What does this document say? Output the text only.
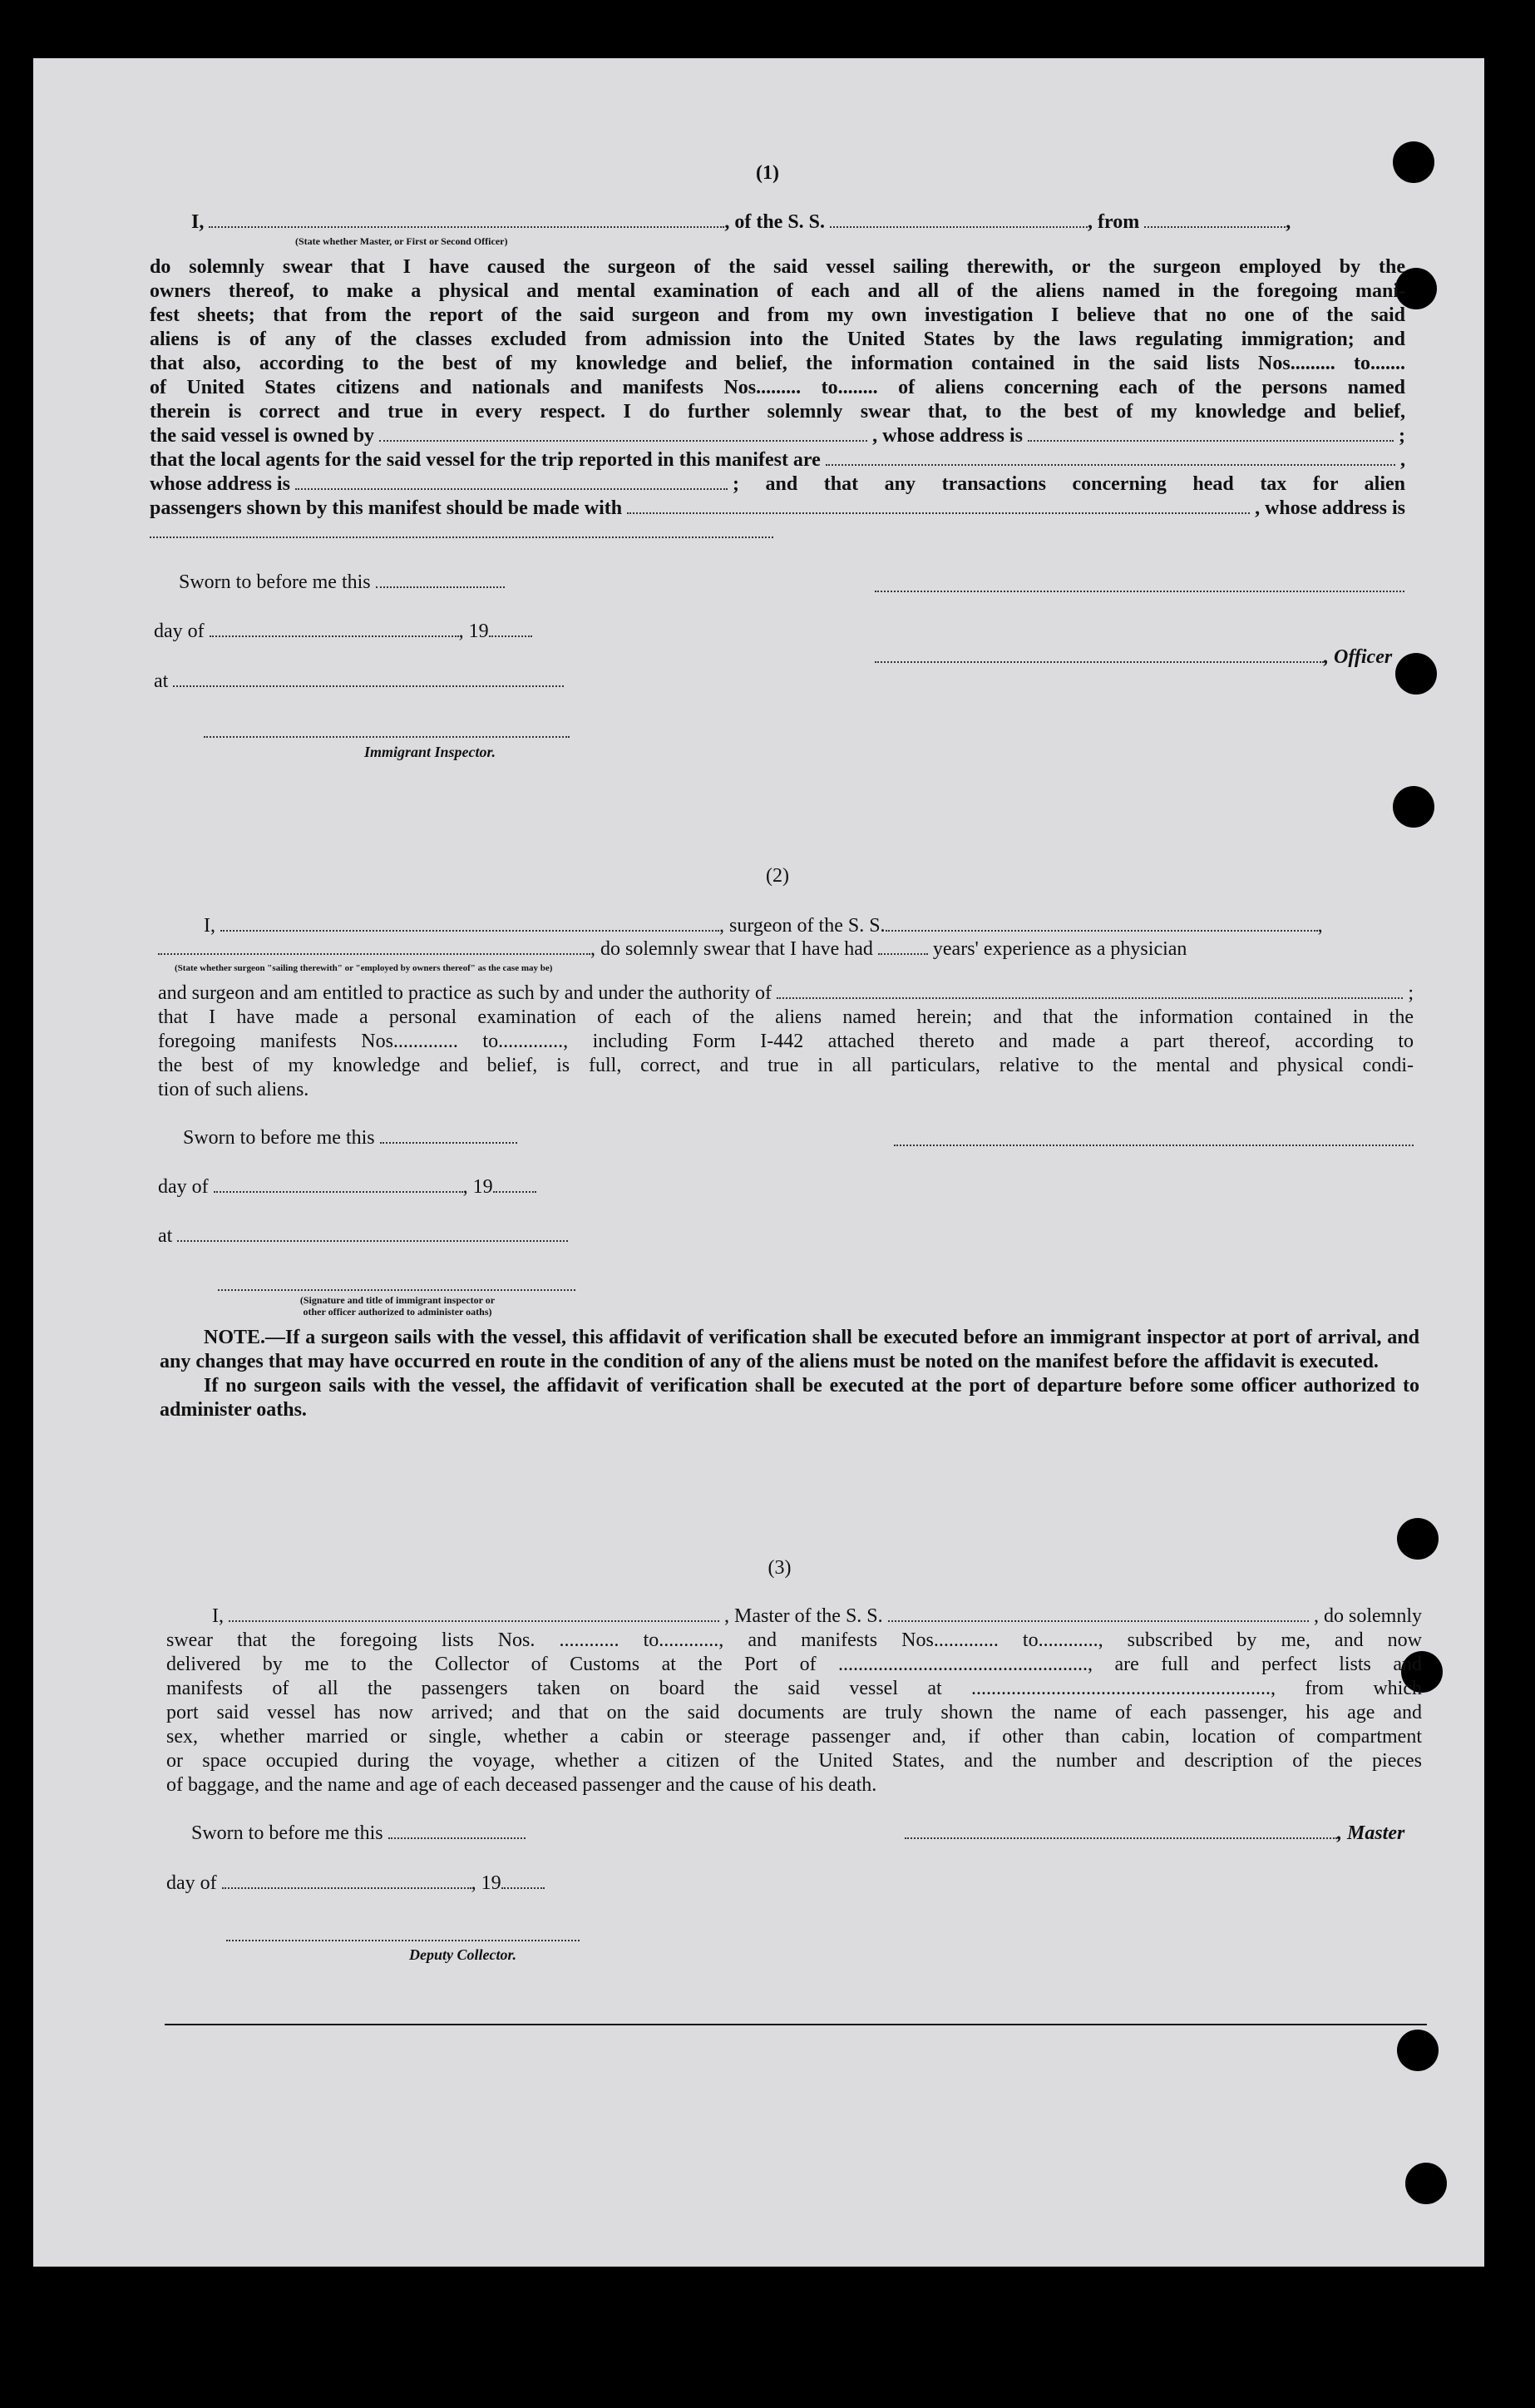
(1)
I,	, of the S. S.	, from	,
(State whether Master, or First or Second Officer)
do solemnly swear that I have caused the surgeon of the said vessel sailing therewith, or the surgeon employed by the
owners thereof, to make a physical and mental examination of each and all of the aliens named in the foregoing mani-
fest sheets; that from the report of the said surgeon and from my own investigation I believe that no one of the said
aliens is of any of the classes excluded from admission into the United States by the laws regulating immigration; and
that also, according to the best of my knowledge and belief, the information contained in the said lists Nos......... to.......
of United States citizens and nationals and manifests Nos......... to........ of aliens concerning each of the persons named
therein is correct and true in every respect. I do further solemnly swear that, to the best of my knowledge and belief,
the said vessel is owned by	, whose address is	;
that the local agents for the said vessel for the trip reported in this manifest are	,
whose address is	; and that any transactions concerning head tax for alien
passengers shown by this manifest should be made with	, whose address is
Sworn to before me this
day of	, 19
at
, Officer
Immigrant Inspector.
(2)
I,	, surgeon of the S. S.	,
, do solemnly swear that I have had	years' experience as a physician
(State whether surgeon "sailing therewith" or "employed by owners thereof" as the case may be)
and surgeon and am entitled to practice as such by and under the authority of	;
that I have made a personal examination of each of the aliens named herein; and that the information contained in the
foregoing manifests Nos............. to............., including Form I-442 attached thereto and made a part thereof, according to
the best of my knowledge and belief, is full, correct, and true in all particulars, relative to the mental and physical condi-
tion of such aliens.
Sworn to before me this
day of	, 19
at
(Signature and title of immigrant inspector or
other officer authorized to administer oaths)
NOTE.—If a surgeon sails with the vessel, this affidavit of verification shall be executed before an immigrant inspector at port of arrival, and any changes that may have occurred en route in the condition of any of the aliens must be noted on the manifest before the affidavit is executed.
If no surgeon sails with the vessel, the affidavit of verification shall be executed at the port of departure before some officer authorized to administer oaths.
(3)
I,	, Master of the S. S.	, do solemnly
swear that the foregoing lists Nos. ............ to............, and manifests Nos............. to............, subscribed by me, and now
delivered by me to the Collector of Customs at the Port of .................................................., are full and perfect lists and
manifests of all the passengers taken on board the said vessel at ............................................................, from which
port said vessel has now arrived; and that on the said documents are truly shown the name of each passenger, his age and
sex, whether married or single, whether a cabin or steerage passenger and, if other than cabin, location of compartment
or space occupied during the voyage, whether a citizen of the United States, and the number and description of the pieces
of baggage, and the name and age of each deceased passenger and the cause of his death.
Sworn to before me this	, Master
day of	, 19
Deputy Collector.
